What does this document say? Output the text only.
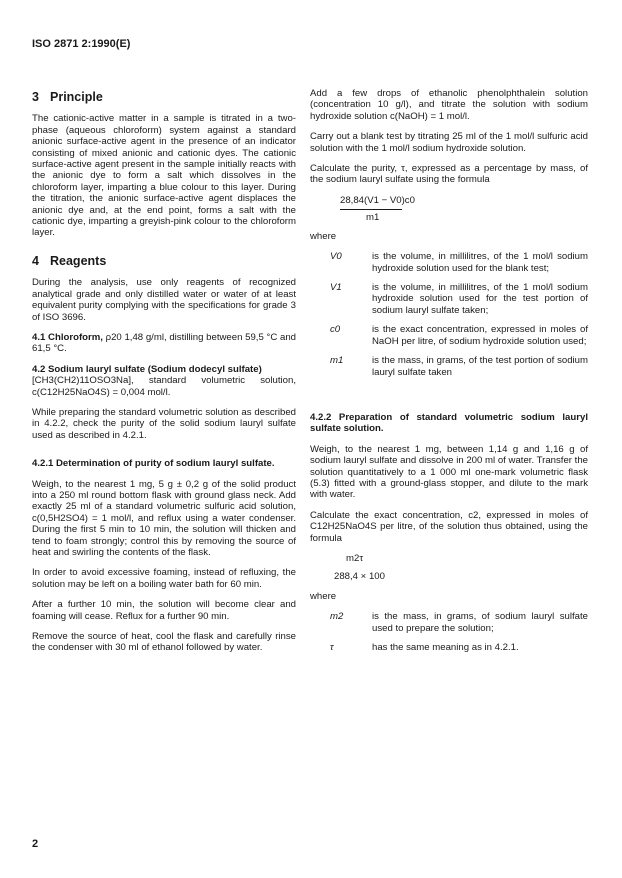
ISO 2871 2:1990(E)
3 Principle

The cationic-active matter in a sample is titrated in a two-phase (aqueous chloroform) system against a standard anionic surface-active agent in the presence of an indicator consisting of mixed anionic and cationic dyes. The cationic surface-active agent present in the sample initially reacts with the anionic dye to form a salt which dissolves in the chloroform layer, imparting a blue colour to this layer. During the titration, the anionic surface-active agent displaces the anionic dye and, at the end point, forms a salt with the cationic dye, imparting a greyish-pink colour to the chloroform layer.

4 Reagents

During the analysis, use only reagents of recognized analytical grade and only distilled water or water of at least equivalent purity complying with the specifications for grade 3 of ISO 3696.

4.1 Chloroform, ρ20 1,48 g/ml, distilling between 59,5 °C and 61,5 °C.

4.2 Sodium lauryl sulfate (Sodium dodecyl sulfate)
[CH3(CH2)11OSO3Na], standard volumetric solution, c(C12H25NaO4S) = 0,004 mol/l.

While preparing the standard volumetric solution as described in 4.2.2, check the purity of the solid sodium lauryl sulfate used as described in 4.2.1.

4.2.1 Determination of purity of sodium lauryl sulfate.

Weigh, to the nearest 1 mg, 5 g ± 0,2 g of the solid product into a 250 ml round bottom flask with ground glass neck. Add exactly 25 ml of a standard volumetric sulfuric acid solution, c(0,5H2SO4) = 1 mol/l, and reflux using a water condenser. During the first 5 min to 10 min, the solution will thicken and tend to foam strongly; control this by removing the source of heat and swirling the contents of the flask.

In order to avoid excessive foaming, instead of refluxing, the solution may be left on a boiling water bath for 60 min.

After a further 10 min, the solution will become clear and foaming will cease. Reflux for a further 90 min.

Remove the source of heat, cool the flask and carefully rinse the condenser with 30 ml of ethanol followed by water.

Add a few drops of ethanolic phenolphthalein solution (concentration 10 g/l), and titrate the solution with sodium hydroxide solution c(NaOH) = 1 mol/l.

Carry out a blank test by titrating 25 ml of the 1 mol/l sulfuric acid solution with the 1 mol/l sodium hydroxide solution.

Calculate the purity, τ, expressed as a percentage by mass, of the sodium lauryl sulfate using the formula

28,84(V1 − V0)c0
m1

where

V0	is the volume, in millilitres, of the 1 mol/l sodium hydroxide solution used for the blank test;
V1	is the volume, in millilitres, of the 1 mol/l sodium hydroxide solution used for the test portion of sodium lauryl sulfate taken;
c0	is the exact concentration, expressed in moles of NaOH per litre, of sodium hydroxide solution used;
m1	is the mass, in grams, of the test portion of sodium lauryl sulfate taken

4.2.2 Preparation of standard volumetric sodium lauryl sulfate solution.

Weigh, to the nearest 1 mg, between 1,14 g and 1,16 g of sodium lauryl sulfate and dissolve in 200 ml of water. Transfer the solution quantitatively to a 1 000 ml one-mark volumetric flask (5.3) fitted with a ground-glass stopper, and dilute to the mark with water.

Calculate the exact concentration, c2, expressed in moles of C12H25NaO4S per litre, of the solution thus obtained, using the formula

m2τ
288,4 × 100

where

m2	is the mass, in grams, of sodium lauryl sulfate used to prepare the solution;
τ	has the same meaning as in 4.2.1.
2
